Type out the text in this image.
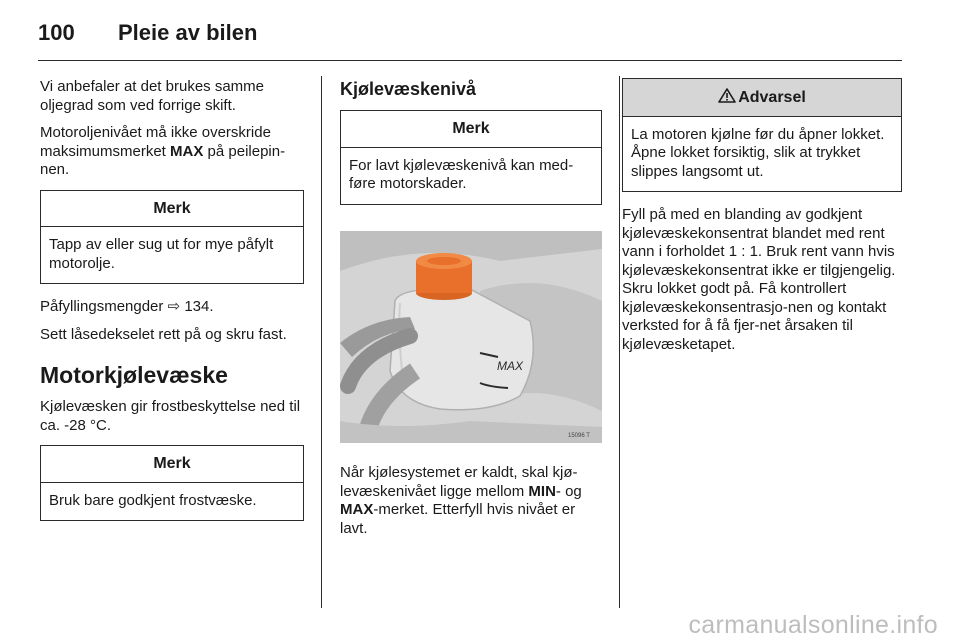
100	Pleie av bilen

Vi anbefaler at det brukes samme oljegrad som ved forrige skift.

Motoroljenivået må ikke overskride maksimumsmerket MAX på peilepin-nen.

Merk
Tapp av eller sug ut for mye påfylt motorolje.

Påfyllingsmengder ⇨ 134.

Sett låsedekselet rett på og skru fast.

Motorkjølevæske

Kjølevæsken gir frostbeskyttelse ned til ca. -28 °C.

Merk
Bruk bare godkjent frostvæske.
Kjølevæskenivå
Merk
For lavt kjølevæskenivå kan med-føre motorskader.
MAX
15096 T

Når kjølesystemet er kaldt, skal kjø-levæskenivået ligge mellom MIN- og MAX-merket. Etterfyll hvis nivået er lavt.

Advarsel
La motoren kjølne før du åpner lokket. Åpne lokket forsiktig, slik at trykket slippes langsomt ut.

Fyll på med en blanding av godkjent kjølevæskekonsentrat blandet med rent vann i forholdet 1 : 1. Bruk rent vann hvis kjølevæskekonsentrat ikke er tilgjengelig. Skru lokket godt på. Få kontrollert kjølevæskekonsentrasjo-nen og kontakt verksted for å få fjer-net årsaken til kjølevæsketapet.

carmanualsonline.info
